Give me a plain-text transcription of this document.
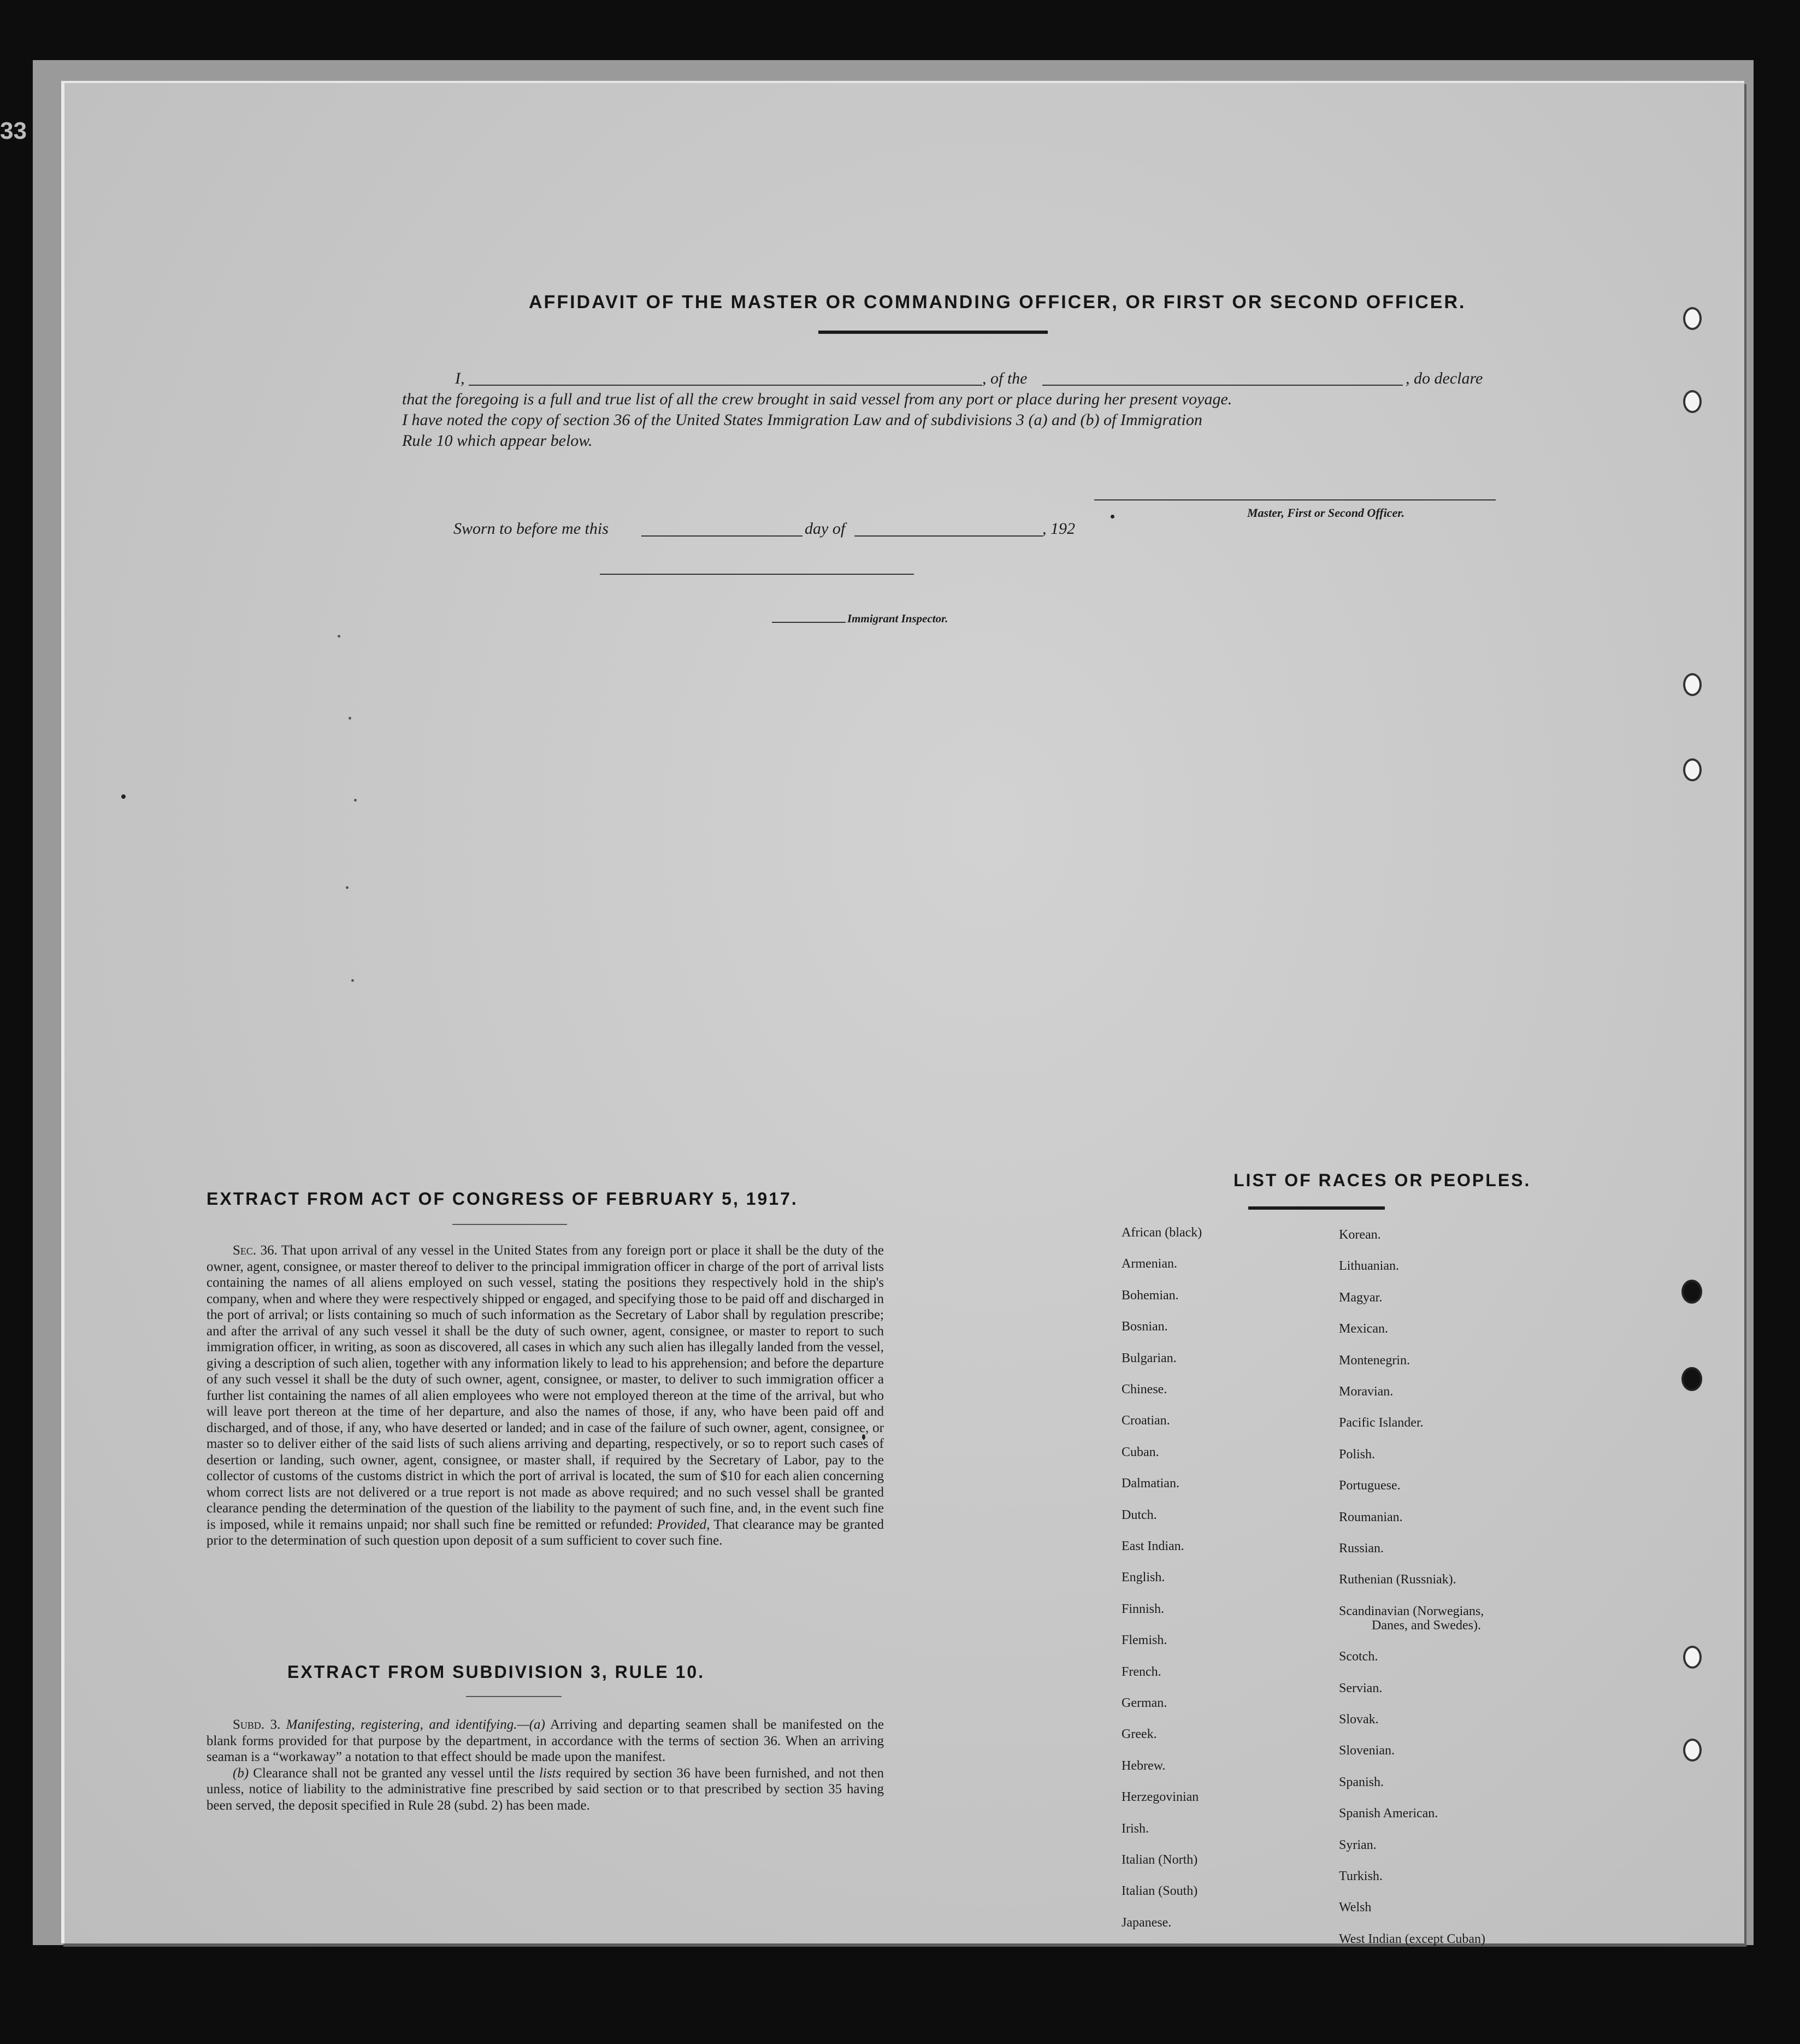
33
AFFIDAVIT OF THE MASTER OR COMMANDING OFFICER, OR FIRST OR SECOND OFFICER.
I,	, of the	, do declare
that the foregoing is a full and true list of all the crew brought in said vessel from any port or place during her present voyage.
I have noted the copy of section 36 of the United States Immigration Law and of subdivisions 3 (a) and (b) of Immigration
Rule 10 which appear below.
Master, First or Second Officer.
Sworn to before me this	day of	, 192
Immigrant Inspector.
EXTRACT FROM ACT OF CONGRESS OF FEBRUARY 5, 1917.

Sec. 36. That upon arrival of any vessel in the United States from any foreign port or place it shall be the duty of the owner, agent, consignee, or master thereof to deliver to the principal immigration officer in charge of the port of arrival lists containing the names of all aliens employed on such vessel, stating the positions they respectively hold in the ship's company, when and where they were respectively shipped or engaged, and specifying those to be paid off and discharged in the port of arrival; or lists containing so much of such information as the Secretary of Labor shall by regulation prescribe; and after the arrival of any such vessel it shall be the duty of such owner, agent, consignee, or master to report to such immigration officer, in writing, as soon as discovered, all cases in which any such alien has illegally landed from the vessel, giving a description of such alien, together with any information likely to lead to his apprehension; and before the departure of any such vessel it shall be the duty of such owner, agent, consignee, or master, to deliver to such immigration officer a further list containing the names of all alien employees who were not employed thereon at the time of the arrival, but who will leave port thereon at the time of her departure, and also the names of those, if any, who have been paid off and discharged, and of those, if any, who have deserted or landed; and in case of the failure of such owner, agent, consignee, or master so to deliver either of the said lists of such aliens arriving and departing, respectively, or so to report such cases of desertion or landing, such owner, agent, consignee, or master shall, if required by the Secretary of Labor, pay to the collector of customs of the customs district in which the port of arrival is located, the sum of $10 for each alien concerning whom correct lists are not delivered or a true report is not made as above required; and no such vessel shall be granted clearance pending the determination of the question of the liability to the payment of such fine, and, in the event such fine is imposed, while it remains unpaid; nor shall such fine be remitted or refunded: Provided, That clearance may be granted prior to the determination of such question upon deposit of a sum sufficient to cover such fine.

EXTRACT FROM SUBDIVISION 3, RULE 10.

Subd. 3. Manifesting, registering, and identifying.—(a) Arriving and departing seamen shall be manifested on the blank forms provided for that purpose by the department, in accordance with the terms of section 36. When an arriving seaman is a “workaway” a notation to that effect should be made upon the manifest.

(b) Clearance shall not be granted any vessel until the lists required by section 36 have been furnished, and not then unless, notice of liability to the administrative fine prescribed by said section or to that prescribed by section 35 having been served, the deposit specified in Rule 28 (subd. 2) has been made.

LIST OF RACES OR PEOPLES.
African (black)
Armenian.
Bohemian.
Bosnian.
Bulgarian.
Chinese.
Croatian.
Cuban.
Dalmatian.
Dutch.
East Indian.
English.
Finnish.
Flemish.
French.
German.
Greek.
Hebrew.
Herzegovinian
Irish.
Italian (North)
Italian (South)
Japanese.
Korean.
Lithuanian.
Magyar.
Mexican.
Montenegrin.
Moravian.
Pacific Islander.
Polish.
Portuguese.
Roumanian.
Russian.
Ruthenian (Russniak).
Scandinavian (Norwegians,
Danes, and Swedes).
Scotch.
Servian.
Slovak.
Slovenian.
Spanish.
Spanish American.
Syrian.
Turkish.
Welsh
West Indian (except Cuban)
